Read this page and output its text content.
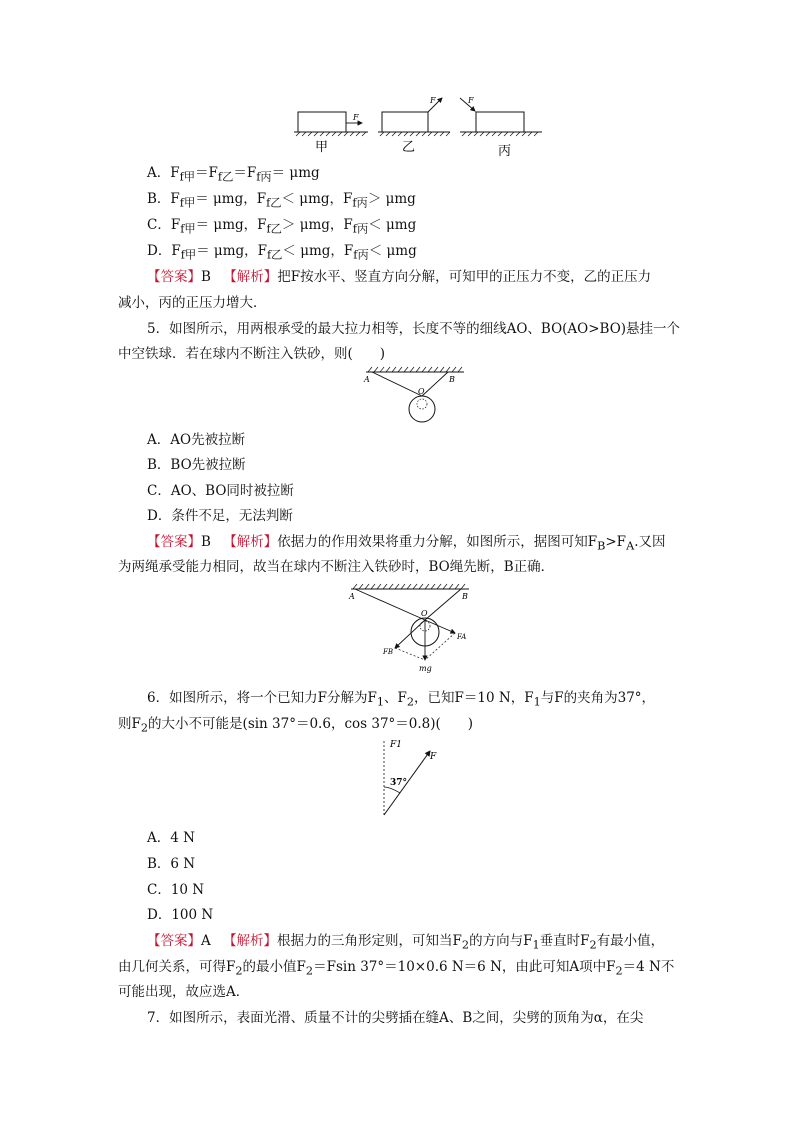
F
甲
F
乙
F
丙
A．$F_{f甲}=F_{f乙}=F_{f丙}= \mu mg$
B．$F_{f甲}= \mu mg$，$F_{f乙}< \mu mg$，$F_{f丙}> \mu mg$
C．$F_{f甲}= \mu mg$，$F_{f乙}> \mu mg$，$F_{f丙}< \mu mg$
D．$F_{f甲}= \mu mg$，$F_{f乙}< \mu mg$，$F_{f丙}< \mu mg$
【答案】B 【解析】把F按水平、竖直方向分解，可知甲的正压力不变，乙的正压力
减小，丙的正压力增大．
5．如图所示，用两根承受的最大拉力相等，长度不等的细线AO、BO(AO>BO)悬挂一个
中空铁球．若在球内不断注入铁砂，则(　　)
A	B
O
A．AO先被拉断
B．BO先被拉断
C．AO、BO同时被拉断
D．条件不足，无法判断
【答案】B 【解析】依据力的作用效果将重力分解，如图所示，据图可知$F_B>F_A$.又因
为两绳承受能力相同，故当在球内不断注入铁砂时，BO绳先断，B正确．
A	B
O
FA
FB
mg
6．如图所示，将一个已知力F分解为$F_1$、$F_2$，已知F＝10 N，$F_1$与F的夹角为37°，
则$F_2$的大小不可能是(sin 37°＝0.6，cos 37°＝0.8)(　　)
F1
F
37°
A．4 N
B．6 N
C．10 N
D．100 N
【答案】A 【解析】根据力的三角形定则，可知当$F_2$的方向与$F_1$垂直时$F_2$有最小值，
由几何关系，可得$F_2$的最小值$F_2=Fsin$ 37°＝10×0.6 N＝6 N，由此可知A项中$F_2=4$ N不
可能出现，故应选A．
7．如图所示，表面光滑、质量不计的尖劈插在缝A、B之间，尖劈的顶角为α，在尖
